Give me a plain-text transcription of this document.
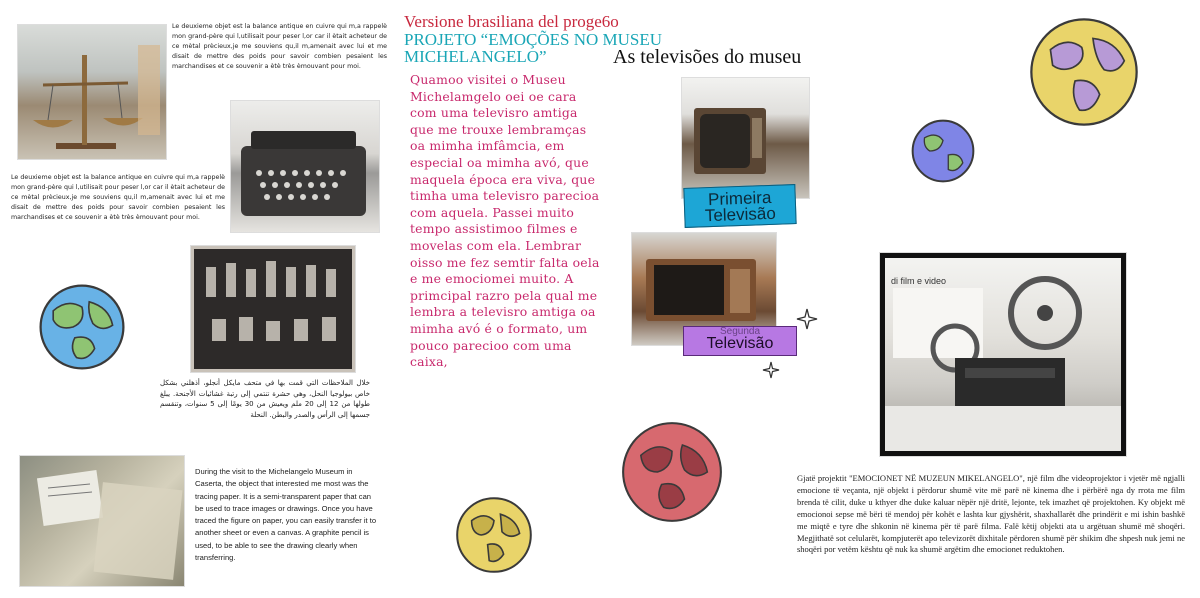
Le deuxieme objet est la balance antique en cuivre qui m,a rappelè mon grand-père qui l,utilisait pour peser l,or car il ètait acheteur de ce mètal prècieux,je me souviens qu,il m,amenait avec lui et me disait de mettre des poids pour savoir combien pesaient les marchandises et ce souvenir a ètè très èmouvant pour moi.
Le deuxieme objet est la balance antique en cuivre qui m,a rappelè mon grand-père qui l,utilisait pour peser l,or car il ètait acheteur de ce mètal prècieux,je me souviens qu,il m,amenait avec lui et me disait de mettre des poids pour savoir combien pesaient les marchandises et ce souvenir a ètè très èmouvant pour moi.
خلال الملاحظات التي قمت بها في متحف مايكل أنجلو، أذهلني بشكل خاص بيولوجيا النحل، وهي حشرة تنتمي إلى رتبة غشائيات الأجنحة. يبلغ طولها من 12 إلى 20 ملم ويعيش من 30 يومًا إلى 5 سنوات، وتنقسم جسمها إلى الرأس والصدر والبطن. النحلة
During the visit to the Michelangelo Museum in Caserta, the object that interested me most was the tracing paper. It is a semi-transparent paper that can be used to trace images or drawings. Once you have traced the figure on paper, you can easily transfer it to another sheet or even a canvas. A graphite pencil is used, to be able to see the drawing clearly when transferring.
Versione brasiliana del proge6o
PROJETO “EMOÇÕES NO MUSEU
MICHELANGELO”	As televisões do museu
Quamoo visitei o Museu Michelamgelo oei oe cara com uma televisro amtiga que me trouxe lembramças oa mimha imfâmcia, em especial oa mimha avó, que maquela época era viva, que timha uma televisro parecioa com aquela. Passei muito tempo assistimoo filmes e movelas com ela. Lembrar oisso me fez semtir falta oela e me emociomei muito. A primcipal razro pela qual me lembra a televisro amtiga oa mimha avó é o formato, um pouco parecioo com uma caixa,
Primeira
Televisão
Segunda
Televisão
di film e video
Gjatë projektit "EMOCIONET NË MUZEUN MIKELANGELO", një film dhe videoprojektor i vjetër më ngjalli emocione të veçanta, një objekt i përdorur shumë vite më parë në kinema dhe i përbërë nga dy rrota me film brenda të cilit, duke u kthyer dhe duke kaluar nëpër një dritë, lejonte, tek imazhet që projektohen. Ky objekt më emocionoi sepse më bëri të mendoj për kohët e lashta kur gjyshërit, shaxhallarët dhe prindërit e mi ishin bashkë me miqtë e tyre dhe shkonin në kinema për të parë filma. Falë këtij objekti ata u argëtuan shumë më shoqëri. Megjithatë sot celularët, kompjuterët apo televizorët dixhitale përdoren shumë për shikim dhe shpesh nuk jemi ne shoqëri por vetëm kështu që nuk ka shumë argëtim dhe emocionet reduktohen.
